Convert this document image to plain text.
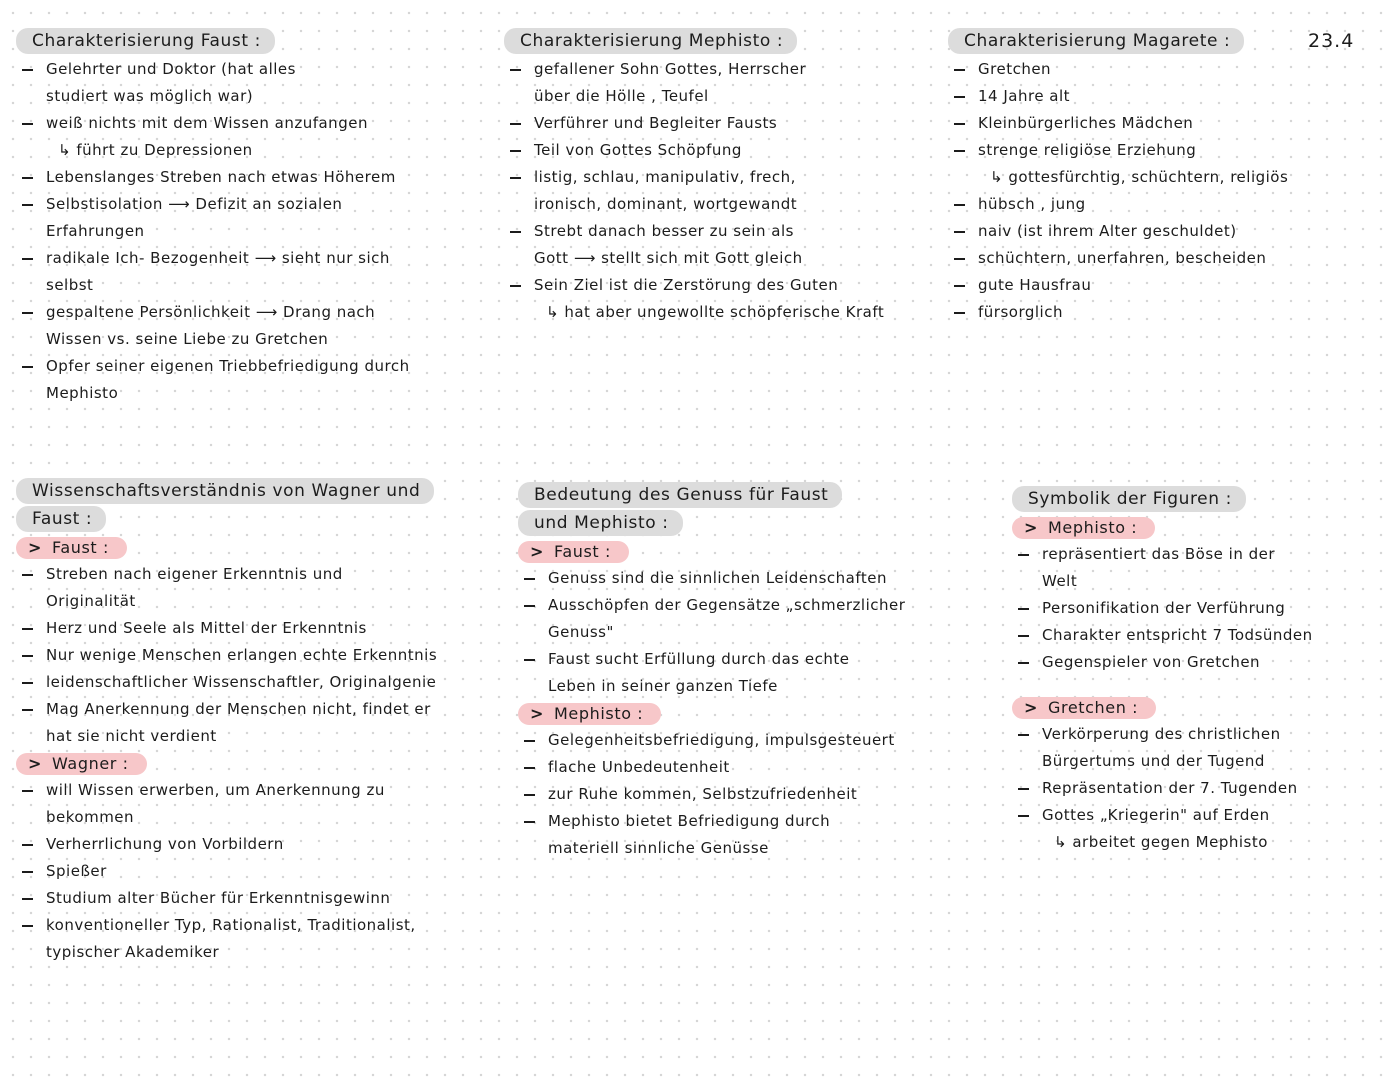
23.4
Charakterisierung Faust :
Gelehrter und Doktor (hat alles
studiert was möglich war)
weiß nichts mit dem Wissen anzufangen
↳ führt zu Depressionen
Lebenslanges Streben nach etwas Höherem
Selbstisolation ⟶ Defizit an sozialen
Erfahrungen
radikale Ich- Bezogenheit ⟶ sieht nur sich
selbst
gespaltene Persönlichkeit ⟶ Drang nach
Wissen vs. seine Liebe zu Gretchen
Opfer seiner eigenen Triebbefriedigung durch
Mephisto
Charakterisierung Mephisto :
gefallener Sohn Gottes, Herrscher
über die Hölle , Teufel
Verführer und Begleiter Fausts
Teil von Gottes Schöpfung
listig, schlau, manipulativ, frech,
ironisch, dominant, wortgewandt
Strebt danach besser zu sein als
Gott ⟶ stellt sich mit Gott gleich
Sein Ziel ist die Zerstörung des Guten
↳ hat aber ungewollte schöpferische Kraft
Charakterisierung Magarete :
Gretchen
14 Jahre alt
Kleinbürgerliches Mädchen
strenge religiöse Erziehung
↳ gottesfürchtig, schüchtern, religiös
hübsch , jung
naiv (ist ihrem Alter geschuldet)
schüchtern, unerfahren, bescheiden
gute Hausfrau
fürsorglich
Wissenschaftsverständnis von Wagner und
Faust :
> Faust :
Streben nach eigener Erkenntnis und
Originalität
Herz und Seele als Mittel der Erkenntnis
Nur wenige Menschen erlangen echte Erkenntnis
leidenschaftlicher Wissenschaftler, Originalgenie
Mag Anerkennung der Menschen nicht, findet er
hat sie nicht verdient
> Wagner :
will Wissen erwerben, um Anerkennung zu
bekommen
Verherrlichung von Vorbildern
Spießer
Studium alter Bücher für Erkenntnisgewinn
konventioneller Typ, Rationalist, Traditionalist,
typischer Akademiker
Bedeutung des Genuss für Faust
und Mephisto :
> Faust :
Genuss sind die sinnlichen Leidenschaften
Ausschöpfen der Gegensätze „schmerzlicher
Genuss"
Faust sucht Erfüllung durch das echte
Leben in seiner ganzen Tiefe
> Mephisto :
Gelegenheitsbefriedigung, impulsgesteuert
flache Unbedeutenheit
zur Ruhe kommen, Selbstzufriedenheit
Mephisto bietet Befriedigung durch
materiell sinnliche Genüsse
Symbolik der Figuren :
> Mephisto :
repräsentiert das Böse in der
Welt
Personifikation der Verführung
Charakter entspricht 7 Todsünden
Gegenspieler von Gretchen
> Gretchen :
Verkörperung des christlichen
Bürgertums und der Tugend
Repräsentation der 7. Tugenden
Gottes „Kriegerin" auf Erden
↳ arbeitet gegen Mephisto
